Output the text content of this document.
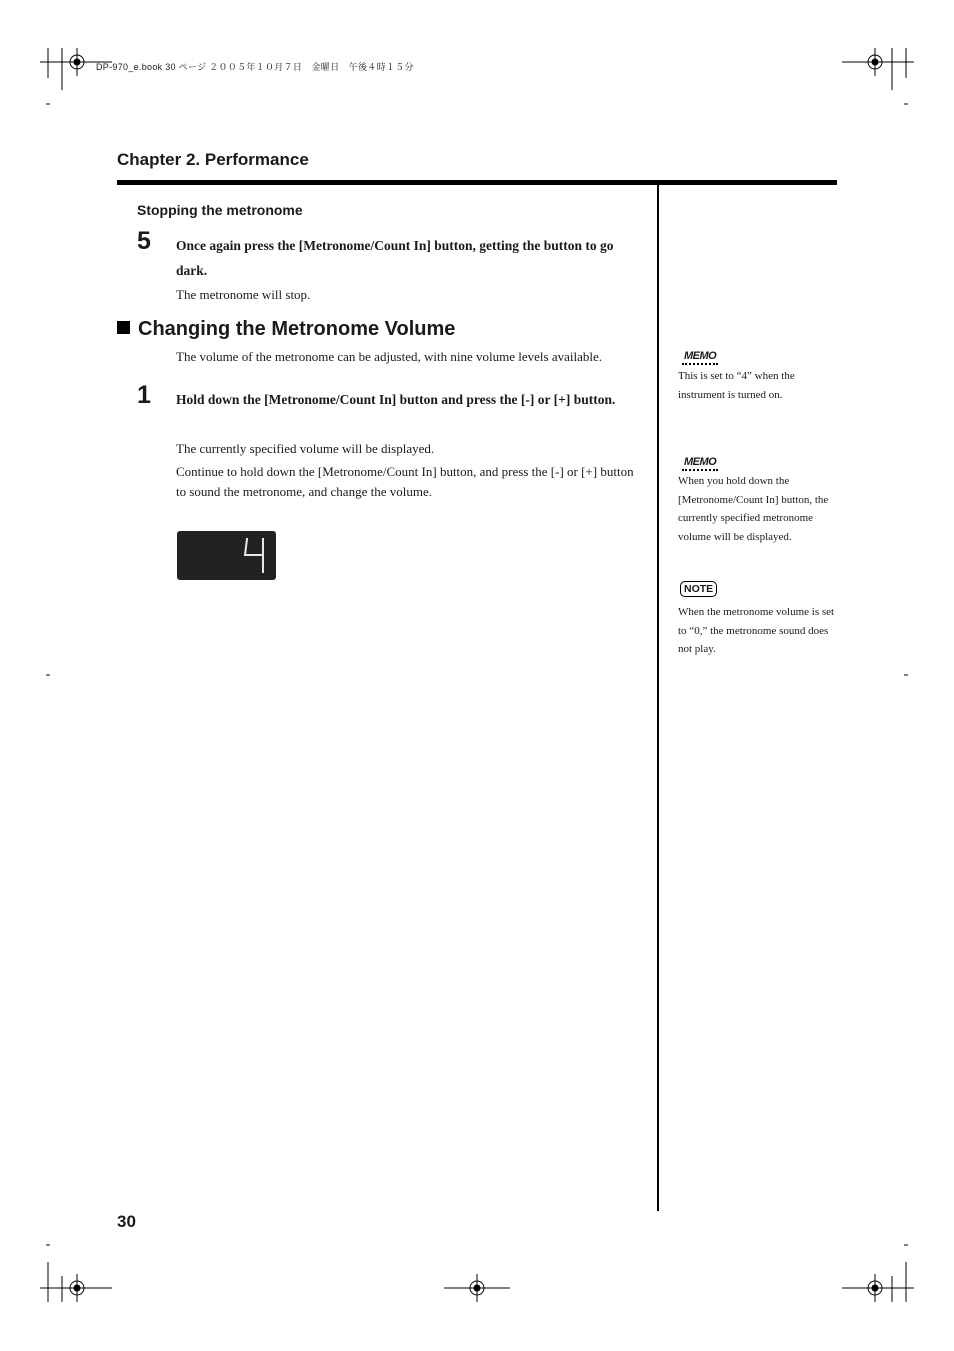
DP-970_e.book 30 ページ ２００５年１０月７日　金曜日　午後４時１５分
Chapter 2. Performance
Stopping the metronome
5 Once again press the [Metronome/Count In] button, getting the button to go dark.
The metronome will stop.
Changing the Metronome Volume
The volume of the metronome can be adjusted, with nine volume levels available.
1 Hold down the [Metronome/Count In] button and press the [-] or [+] button.
The currently specified volume will be displayed.
Continue to hold down the [Metronome/Count In] button, and press the [-] or [+] button to sound the metronome, and change the volume.
MEMO
This is set to “4” when the instrument is turned on.
MEMO
When you hold down the [Metronome/Count In] button, the currently specified metronome volume will be displayed.
NOTE
When the metronome volume is set to “0,” the metronome sound does not play.
30
